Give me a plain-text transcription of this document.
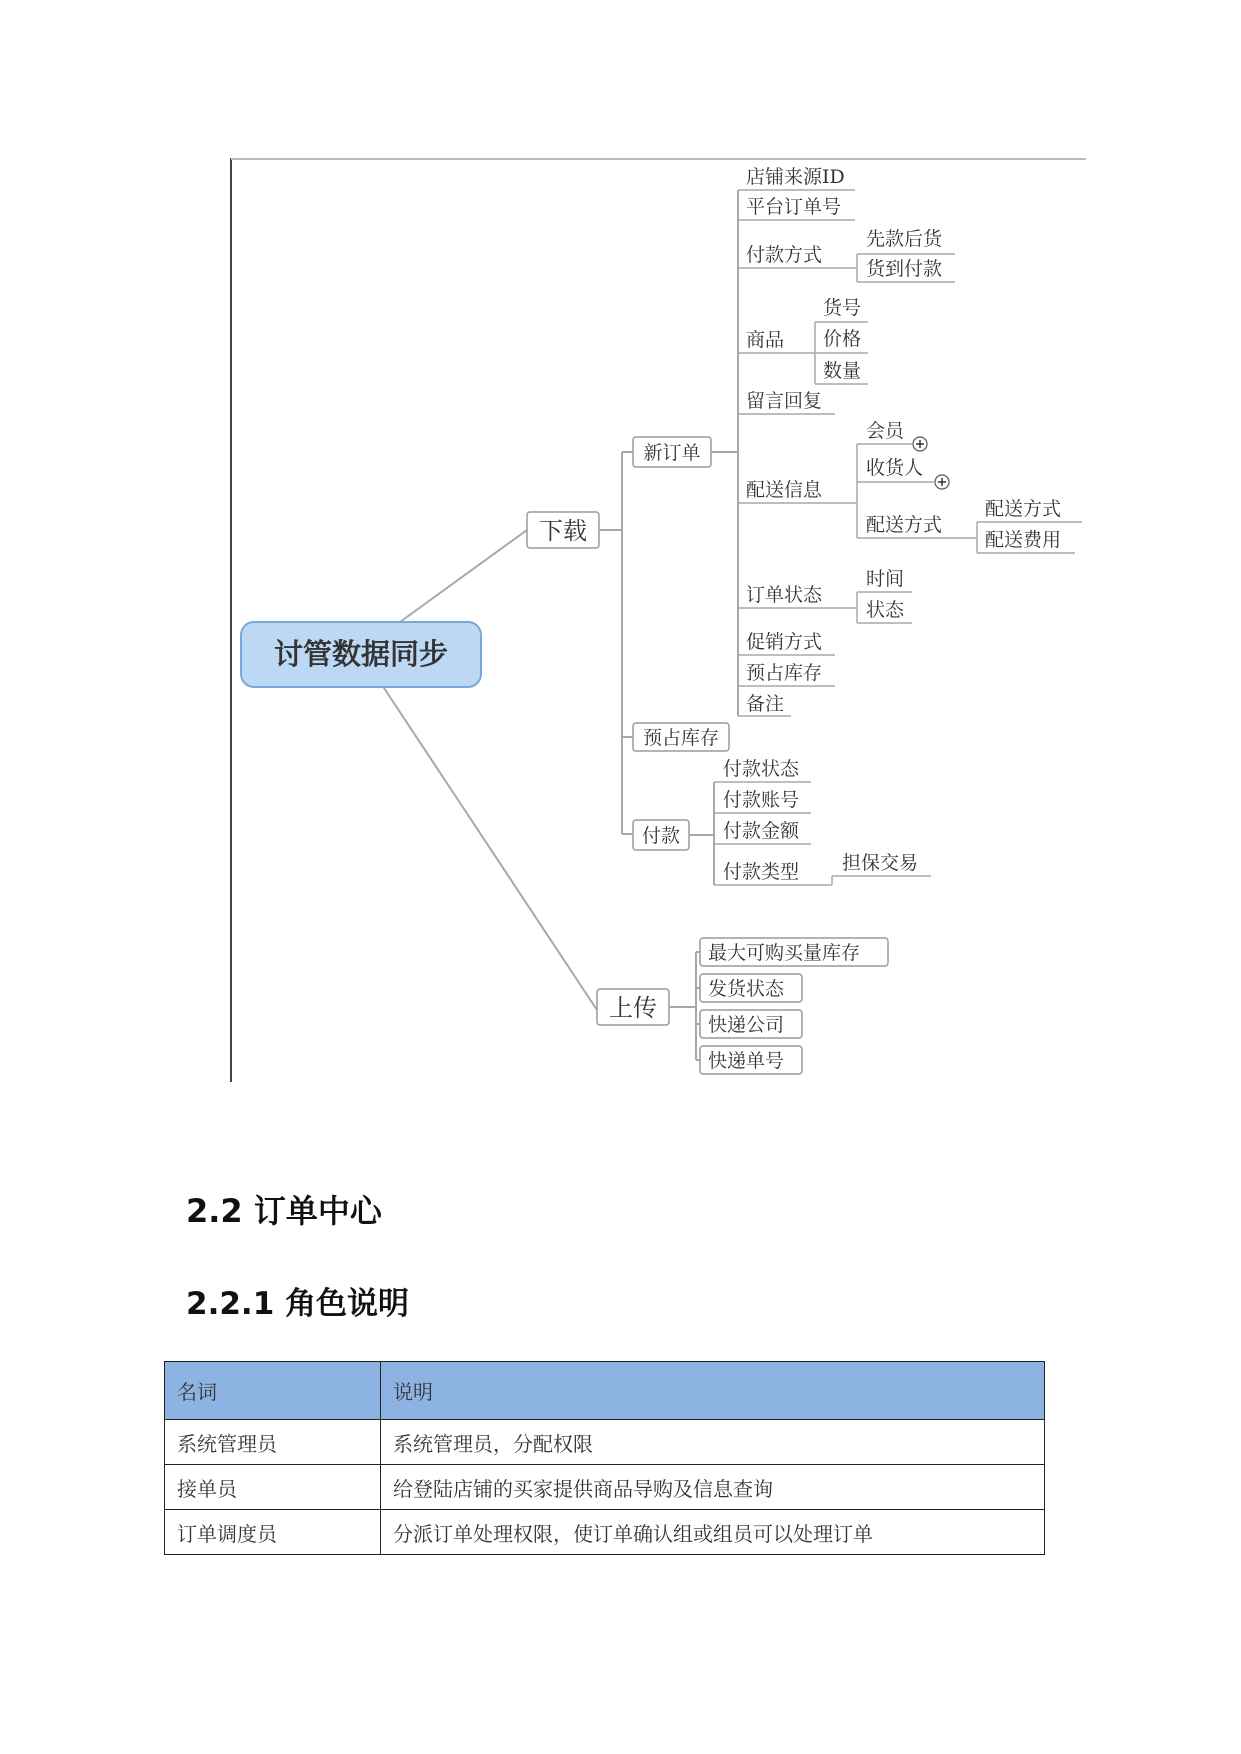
讨管数据同步
下载
新订单
店铺来源ID
平台订单号
付款方式
先款后货
货到付款
商品
货号
价格
数量
留言回复
配送信息
会员
收货人
配送方式
配送方式
配送费用
订单状态
时间
状态
促销方式
预占库存
备注
预占库存
付款
付款状态
付款账号
付款金额
付款类型 担保交易
上传
最大可购买量库存
发货状态
快递公司
快递单号
2.2 订单中心
2.2.1 角色说明
名词	说明
系统管理员	系统管理员，分配权限
接单员	给登陆店铺的买家提供商品导购及信息查询
订单调度员	分派订单处理权限，使订单确认组或组员可以处理订单
